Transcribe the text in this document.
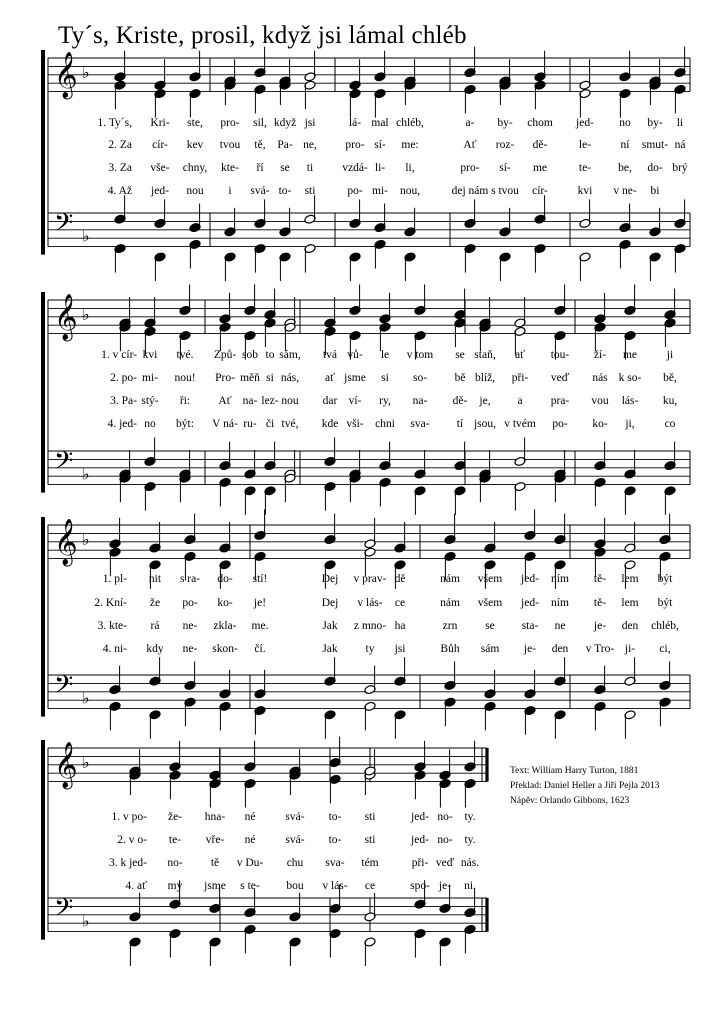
Ty´s, Kriste, prosil, když jsi lámal chléb
𝄞 ♭
𝄢 ♭
1. Ty´s, Kri- ste, pro- sil, když jsi	lá- mal chléb,	a- by- chom jed- no by- li
2. Za cír- kev tvou tě, Pa- ne, pro- sí- me:	Ať roz- dě-	le-	ní smut- ná
3. Za vše- chny, kte- ří se ti	vzdá- li- li,	pro- sí- me	te- be, do- brý
4. Až jed- nou i svá- to- sti	po- mi- nou,	dej nám s tvou cír-	kvi v ne- bi
𝄞 ♭
𝄢 ♭
1. v cír- kvi tvé. Způ- sob to sám, tvá vů- le v tom se staň, ať tou- ží- me	ji
2. po- mi- nou! Pro- měň si nás, ať jsme si so- bě blíž, při- veď nás k so- bě,
3. Pa- stý- ři: Ať na- lez- nou dar ví- ry, na- dě- je, a pra- vou lás- ku,
4. jed- no být: V ná- ru- či tvé, kde vši- chni sva- tí jsou, v tvém po- ko- ji,	co
𝄞 ♭
𝄢 ♭
1. pl- nit s ra- do- stí!	Dej v prav- dě	nám všem jed- ním tě- lem být
2. Kní- že po- ko- je!	Dej v lás- ce	nám všem jed- ním tě- lem být
3. kte- rá ne- zkla- me.	Jak z mno- ha	zrn se sta- ne je- den chléb,
4. ni- kdy ne- skon- čí.	Jak ty jsi	Bůh sám je- den v Tro- ji- ci,
𝄞 ♭
𝄢 ♭
1. v po- že- hna- né	svá- to- sti	jed- no- ty.
2. v o- te- vře- né	svá- to- sti	jed- no- ty.
3. k jed- no- tě v Du- chu sva- tém	při- veď nás.
4. ať my jsme s te- bou v lás- ce	spo- je- ni.
Text: William Harry Turton, 1881
Překlad: Daniel Heller a Jiří Pejla 2013
Nápěv: Orlando Gibbons, 1623
